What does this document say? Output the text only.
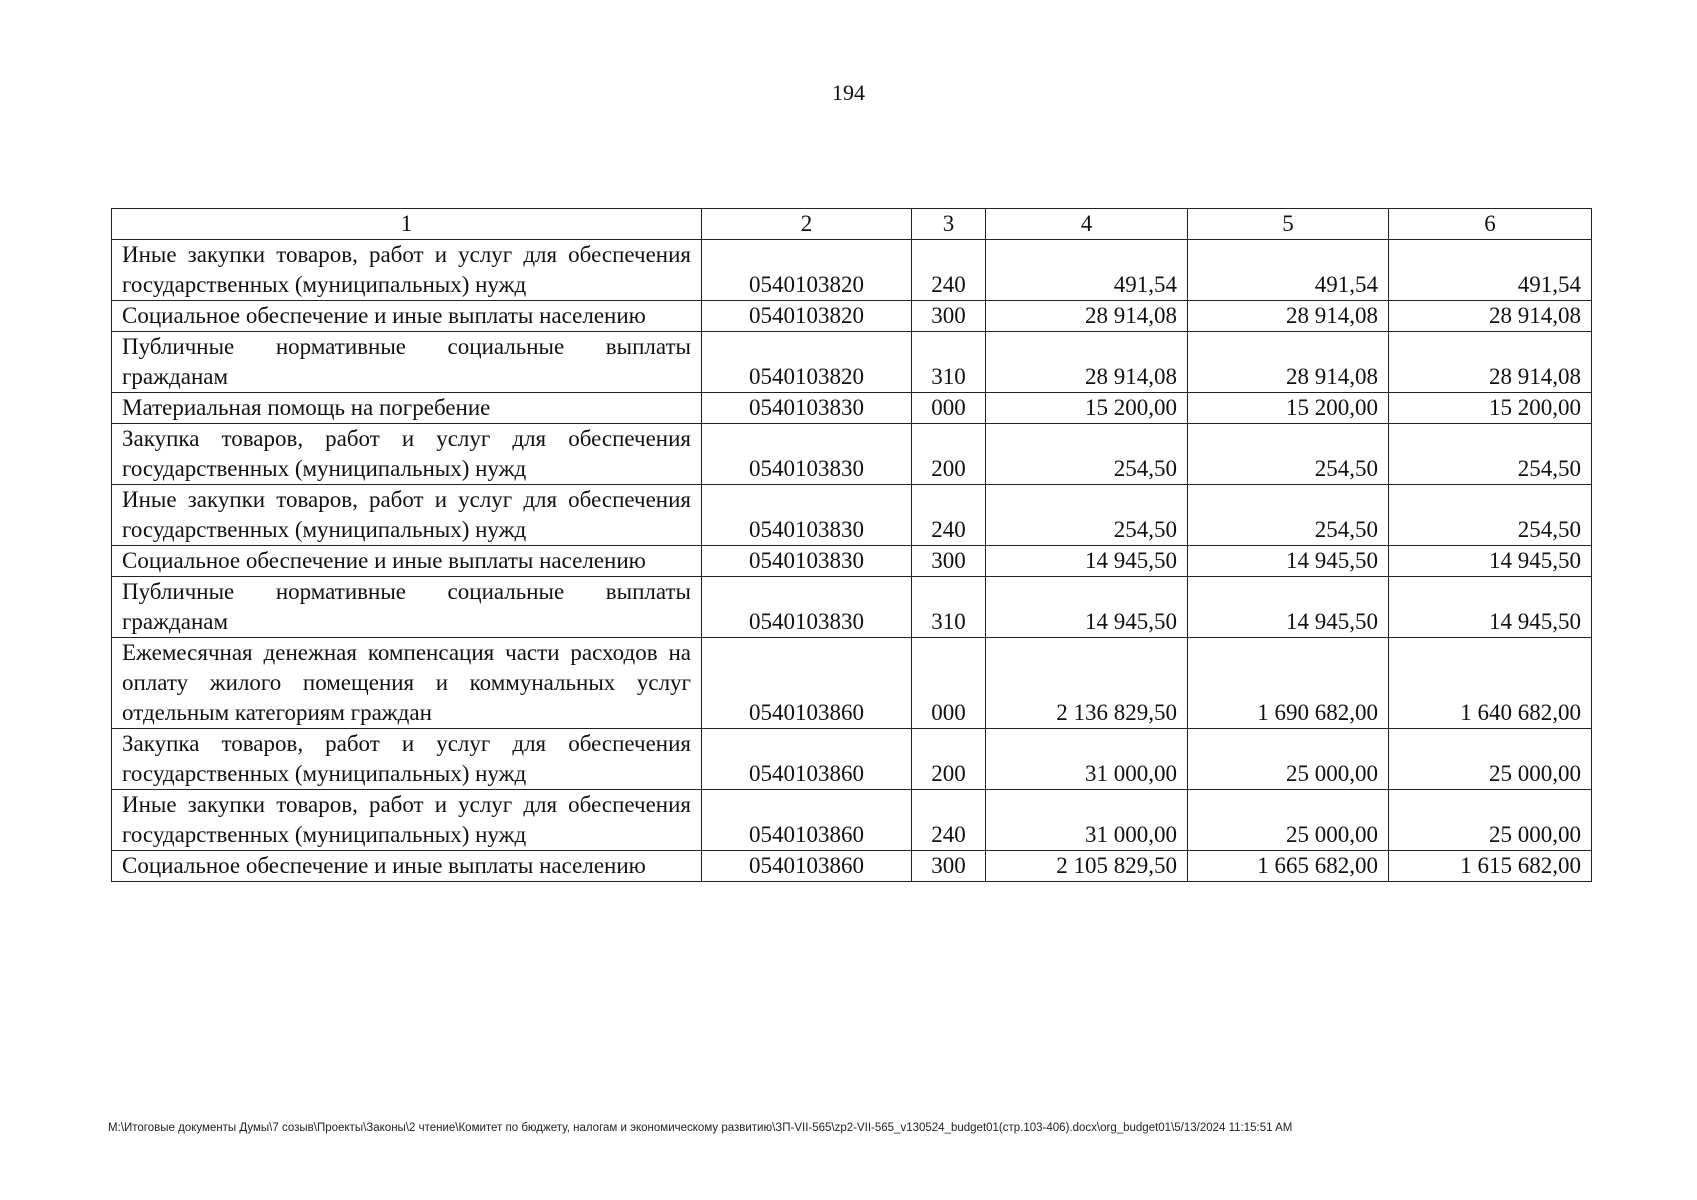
194
1	2	3	4	5	6
Иные закупки товаров, работ и услуг для обеспечения государственных (муниципальных) нужд	0540103820	240	491,54	491,54	491,54
Социальное обеспечение и иные выплаты населению	0540103820	300	28 914,08	28 914,08	28 914,08
Публичные нормативные социальные выплаты гражданам	0540103820	310	28 914,08	28 914,08	28 914,08
Материальная помощь на погребение	0540103830	000	15 200,00	15 200,00	15 200,00
Закупка товаров, работ и услуг для обеспечения государственных (муниципальных) нужд	0540103830	200	254,50	254,50	254,50
Иные закупки товаров, работ и услуг для обеспечения государственных (муниципальных) нужд	0540103830	240	254,50	254,50	254,50
Социальное обеспечение и иные выплаты населению	0540103830	300	14 945,50	14 945,50	14 945,50
Публичные нормативные социальные выплаты гражданам	0540103830	310	14 945,50	14 945,50	14 945,50
Ежемесячная денежная компенсация части расходов на оплату жилого помещения и коммунальных услуг отдельным категориям граждан	0540103860	000	2 136 829,50	1 690 682,00	1 640 682,00
Закупка товаров, работ и услуг для обеспечения государственных (муниципальных) нужд	0540103860	200	31 000,00	25 000,00	25 000,00
Иные закупки товаров, работ и услуг для обеспечения государственных (муниципальных) нужд	0540103860	240	31 000,00	25 000,00	25 000,00
Социальное обеспечение и иные выплаты населению	0540103860	300	2 105 829,50	1 665 682,00	1 615 682,00
M:\Итоговые документы Думы\7 созыв\Проекты\Законы\2 чтение\Комитет по бюджету, налогам и экономическому развитию\ЗП-VII-565\zp2-VII-565_v130524_budget01(стр.103-406).docx\org_budget01\5/13/2024 11:15:51 AM
